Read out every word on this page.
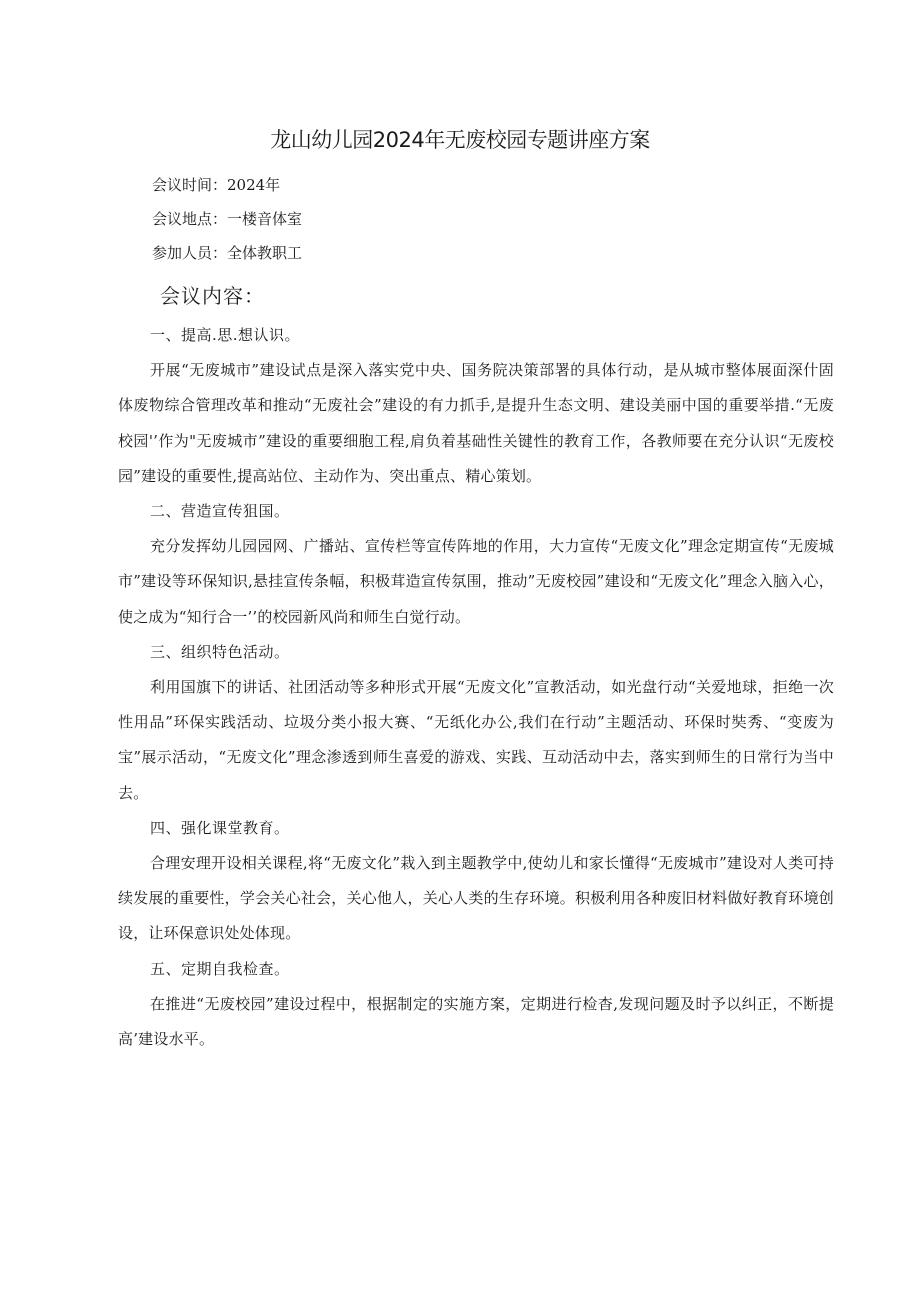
龙山幼儿园2024年无废校园专题讲座方案
会议时间：2024年
会议地点：一楼音体室
参加人员：全体教职工
会议内容：

一、提高.思.想认识。

开展“无废城市”建设试点是深入落实党中央、国务院决策部署的具体行动，是从城市整体展面深什固体废物综合管理改革和推动“无废社会”建设的有力抓手,是提升生态文明、建设美丽中国的重要举措.“无废校园'’作为"无废城市”建设的重要细胞工程,肩负着基础性关键性的教育工作，各教师要在充分认识“无废校园”建设的重要性,提高站位、主动作为、突出重点、精心策划。

二、营造宣传狙国。

充分发挥幼儿园园网、广播站、宣传栏等宣传阵地的作用，大力宣传“无废文化”理念定期宣传“无废城市”建设等环保知识,悬挂宣传条幅，积极茸造宣传氛围，推动”无废校园”建设和“无废文化”理念入脑入心，使之成为“知行合一’’的校园新风尚和师生白觉行动。

三、组织特色活动。

利用国旗下的讲话、社团活动等多种形式开展“无废文化”宣教活动，如光盘行动“关爱地球，拒绝一次性用品”环保实践活动、垃圾分类小报大赛、“无纸化办公,我们在行动”主题活动、环保时奘秀、“变废为宝”展示活动，“无废文化”理念渗透到师生喜爱的游戏、实践、互动活动中去，落实到师生的日常行为当中去。

四、强化课堂教育。

合理安理开设相关课程,将“无废文化”栽入到主题教学中,使幼儿和家长懂得“无废城市”建设对人类可持续发展的重要性，学会关心社会，关心他人，关心人类的生存环境。积极利用各种废旧材料做好教育环境创设，让环保意识处处体现。

五、定期自我检查。

在推进“无废校园”建设过程中，根据制定的实施方案，定期进行检杳,发现问题及时予以纠正，不断提高’建设水平。
